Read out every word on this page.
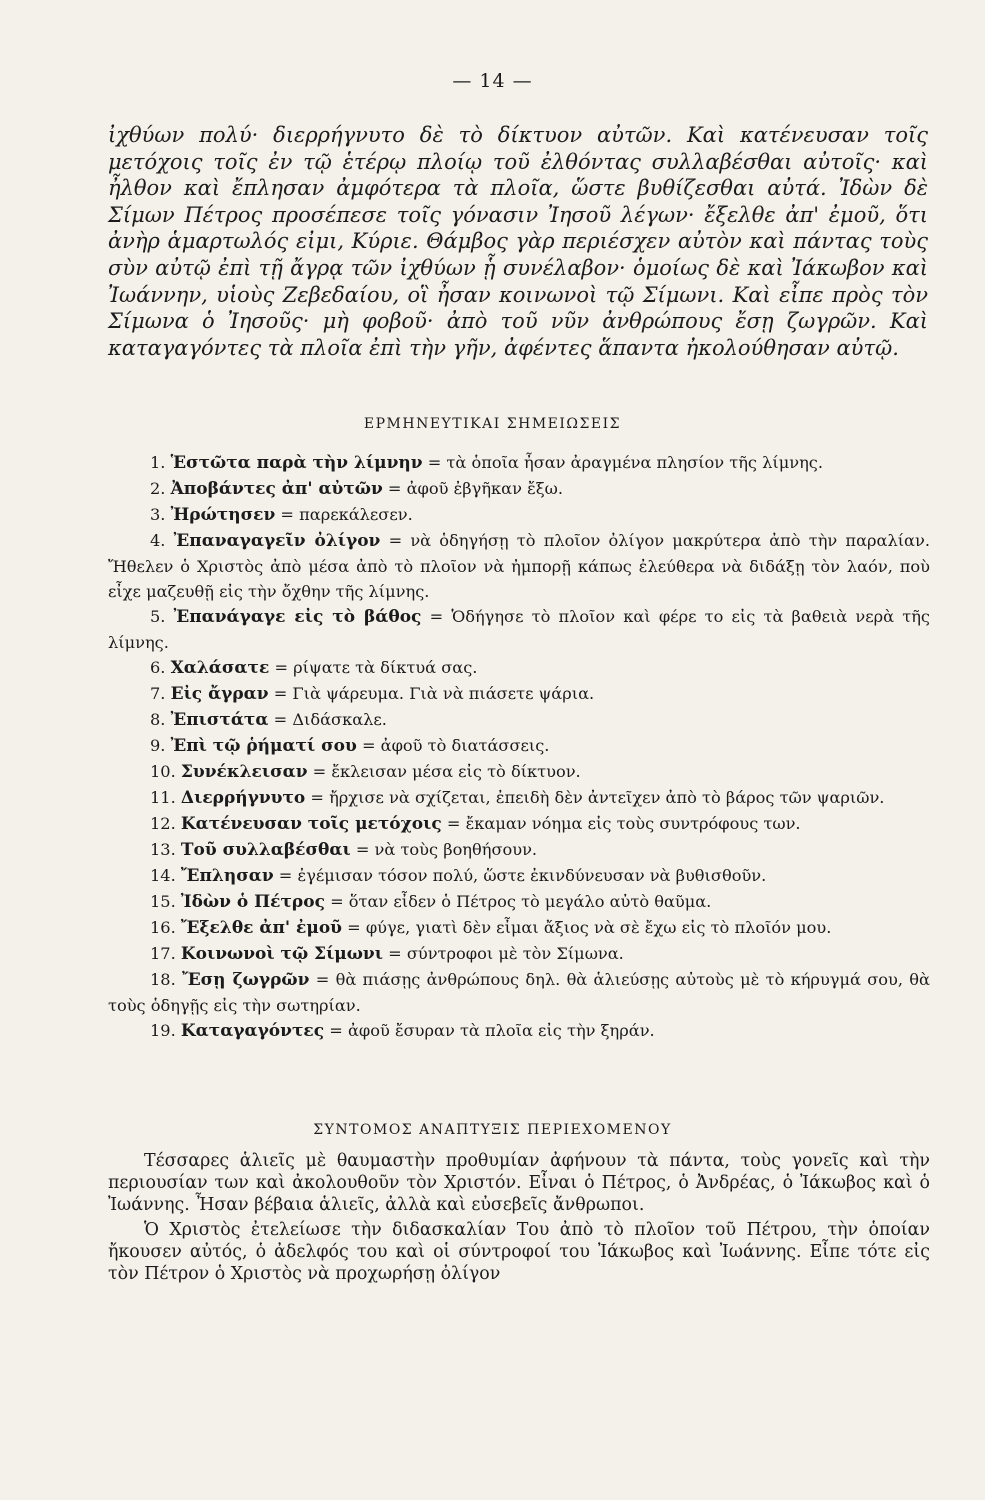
— 14 —

ἰχθύων πολύ· διερρήγνυτο δὲ τὸ δίκτυον αὐτῶν. Καὶ κατένευσαν τοῖς μετόχοις τοῖς ἐν τῷ ἑτέρῳ πλοίῳ τοῦ ἐλθόντας συλλαβέσθαι αὐτοῖς· καὶ ἦλθον καὶ ἔπλησαν ἀμφότερα τὰ πλοῖα, ὥστε βυθίζεσθαι αὐτά. Ἰδὼν δὲ Σίμων Πέτρος προσέπεσε τοῖς γόνασιν Ἰησοῦ λέγων· ἔξελθε ἀπ' ἐμοῦ, ὅτι ἀνὴρ ἁμαρτωλός εἰμι, Κύριε. Θάμβος γὰρ περιέσχεν αὐτὸν καὶ πάντας τοὺς σὺν αὐτῷ ἐπὶ τῇ ἄγρᾳ τῶν ἰχθύων ᾗ συνέλαβον· ὁμοίως δὲ καὶ Ἰάκωβον καὶ Ἰωάννην, υἱοὺς Ζεβεδαίου, οἳ ἦσαν κοινωνοὶ τῷ Σίμωνι. Καὶ εἶπε πρὸς τὸν Σίμωνα ὁ Ἰησοῦς· μὴ φοβοῦ· ἀπὸ τοῦ νῦν ἀνθρώπους ἔσῃ ζωγρῶν. Καὶ καταγαγόντες τὰ πλοῖα ἐπὶ τὴν γῆν, ἀφέντες ἅπαντα ἠκολούθησαν αὐτῷ.

ΕΡΜΗΝΕΥΤΙΚΑΙ ΣΗΜΕΙΩΣΕΙΣ

1. Ἑστῶτα παρὰ τὴν λίμνην = τὰ ὁποῖα ἦσαν ἀραγμένα πλησίον τῆς λίμνης.

2. Ἀποβάντες ἀπ' αὐτῶν = ἀφοῦ ἐβγῆκαν ἔξω.

3. Ἠρώτησεν = παρεκάλεσεν.

4. Ἐπαναγαγεῖν ὀλίγον = νὰ ὁδηγήσῃ τὸ πλοῖον ὀλίγον μακρύτερα ἀπὸ τὴν παραλίαν. Ἤθελεν ὁ Χριστὸς ἀπὸ μέσα ἀπὸ τὸ πλοῖον νὰ ἠμπορῇ κάπως ἐλεύθερα νὰ διδάξῃ τὸν λαόν, ποὺ εἶχε μαζευθῇ εἰς τὴν ὄχθην τῆς λίμνης.

5. Ἐπανάγαγε εἰς τὸ βάθος = Ὁδήγησε τὸ πλοῖον καὶ φέρε το εἰς τὰ βαθειὰ νερὰ τῆς λίμνης.

6. Χαλάσατε = ρίψατε τὰ δίκτυά σας.

7. Εἰς ἄγραν = Γιὰ ψάρευμα. Γιὰ νὰ πιάσετε ψάρια.

8. Ἐπιστάτα = Διδάσκαλε.

9. Ἐπὶ τῷ ῥήματί σου = ἀφοῦ τὸ διατάσσεις.

10. Συνέκλεισαν = ἔκλεισαν μέσα εἰς τὸ δίκτυον.

11. Διερρήγνυτο = ἤρχισε νὰ σχίζεται, ἐπειδὴ δὲν ἀντεῖχεν ἀπὸ τὸ βάρος τῶν ψαριῶν.

12. Κατένευσαν τοῖς μετόχοις = ἔκαμαν νόημα εἰς τοὺς συντρόφους των.

13. Τοῦ συλλαβέσθαι = νὰ τοὺς βοηθήσουν.

14. Ἔπλησαν = ἐγέμισαν τόσον πολύ, ὥστε ἐκινδύνευσαν νὰ βυθισθοῦν.

15. Ἰδὼν ὁ Πέτρος = ὅταν εἶδεν ὁ Πέτρος τὸ μεγάλο αὐτὸ θαῦμα.

16. Ἔξελθε ἀπ' ἐμοῦ = φύγε, γιατὶ δὲν εἶμαι ἄξιος νὰ σὲ ἔχω εἰς τὸ πλοῖόν μου.

17. Κοινωνοὶ τῷ Σίμωνι = σύντροφοι μὲ τὸν Σίμωνα.

18. Ἔσῃ ζωγρῶν = θὰ πιάσῃς ἀνθρώπους δηλ. θὰ ἁλιεύσῃς αὐτοὺς μὲ τὸ κήρυγμά σου, θὰ τοὺς ὁδηγῇς εἰς τὴν σωτηρίαν.

19. Καταγαγόντες = ἀφοῦ ἔσυραν τὰ πλοῖα εἰς τὴν ξηράν.

ΣΥΝΤΟΜΟΣ ΑΝΑΠΤΥΞΙΣ ΠΕΡΙΕΧΟΜΕΝΟΥ

Τέσσαρες ἁλιεῖς μὲ θαυμαστὴν προθυμίαν ἀφήνουν τὰ πάντα, τοὺς γονεῖς καὶ τὴν περιουσίαν των καὶ ἀκολουθοῦν τὸν Χριστόν. Εἶναι ὁ Πέτρος, ὁ Ἀνδρέας, ὁ Ἰάκωβος καὶ ὁ Ἰωάννης. Ἦσαν βέβαια ἁλιεῖς, ἀλλὰ καὶ εὐσεβεῖς ἄνθρωποι.

Ὁ Χριστὸς ἐτελείωσε τὴν διδασκαλίαν Του ἀπὸ τὸ πλοῖον τοῦ Πέτρου, τὴν ὁποίαν ἤκουσεν αὐτός, ὁ ἀδελφός του καὶ οἱ σύντροφοί του Ἰάκωβος καὶ Ἰωάννης. Εἶπε τότε εἰς τὸν Πέτρον ὁ Χριστὸς νὰ προχωρήσῃ ὀλίγον
